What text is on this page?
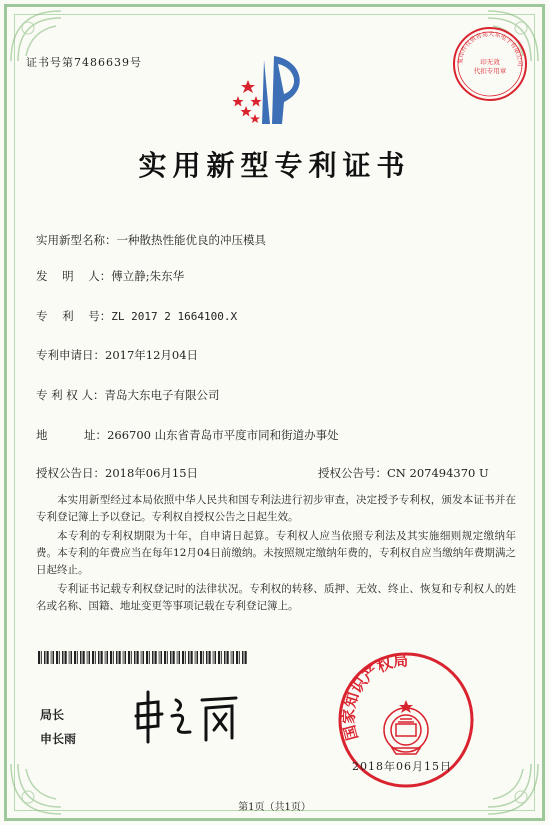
证书号第7486639号	复印件仅供青岛大东电子有限公司
印无效
代扣专用章
实用新型专利证书
实用新型名称：一种散热性能优良的冲压模具
发    明    人：傅立静;朱东华
专    利    号：ZL 2017 2 1664100.X
专利申请日：2017年12月04日
专 利 权 人：青岛大东电子有限公司
地          址：266700 山东省青岛市平度市同和街道办事处
授权公告日：2018年06月15日	授权公告号：CN 207494370 U

本实用新型经过本局依照中华人民共和国专利法进行初步审查，决定授予专利权，颁发本证书并在专利登记簿上予以登记。专利权自授权公告之日起生效。

本专利的专利权期限为十年，自申请日起算。专利权人应当依照专利法及其实施细则规定缴纳年费。本专利的年费应当在每年12月04日前缴纳。未按照规定缴纳年费的，专利权自应当缴纳年费期满之日起终止。

专利证书记载专利权登记时的法律状况。专利权的转移、质押、无效、终止、恢复和专利权人的姓名或名称、国籍、地址变更等事项记载在专利登记簿上。

局长
申长雨	国家知识产权局
2018年06月15日
第1页（共1页）
